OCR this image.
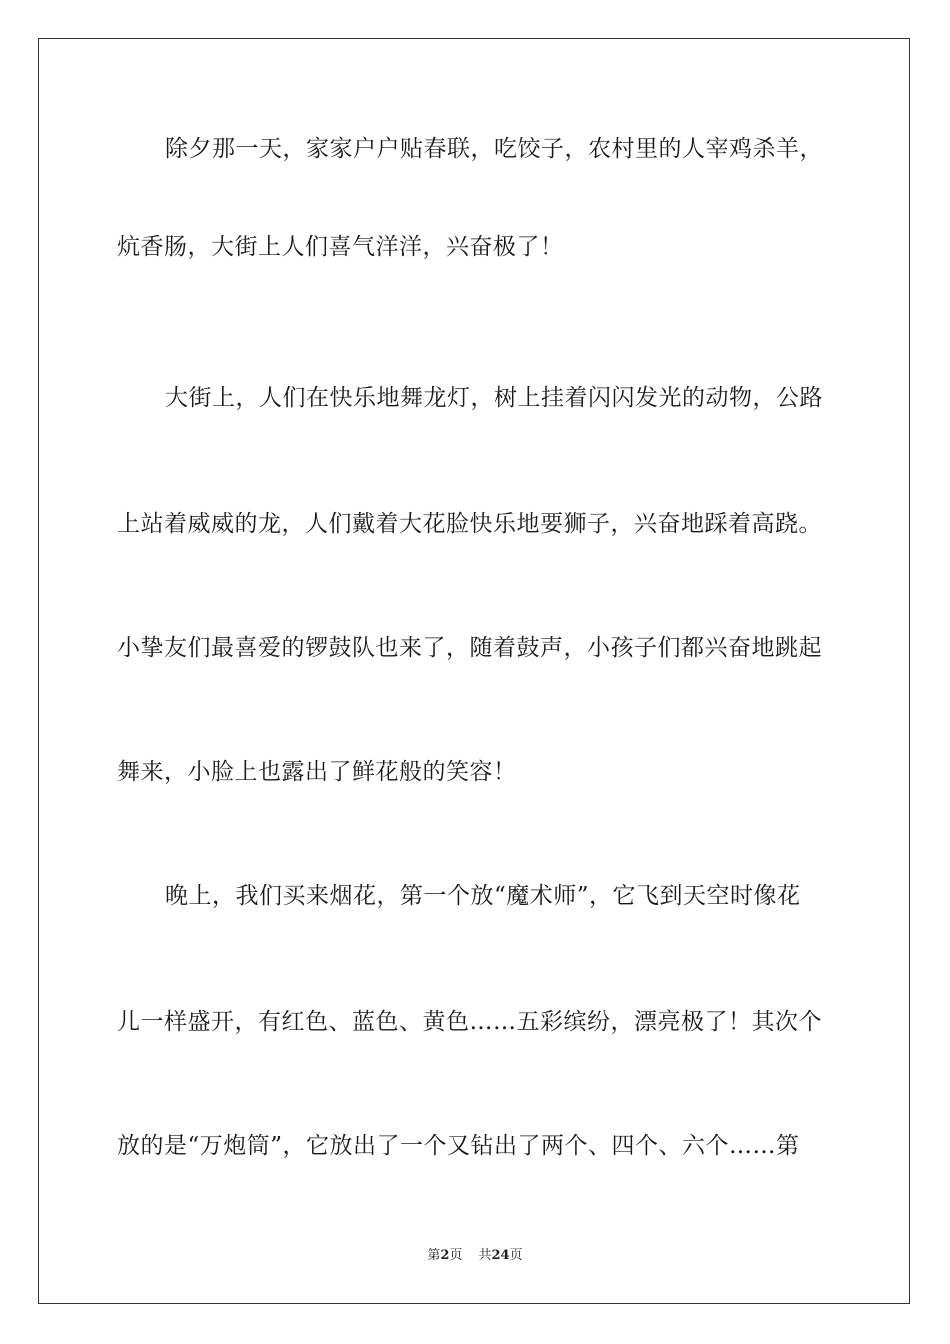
除夕那一天，家家户户贴春联，吃饺子，农村里的人宰鸡杀羊，
炕香肠，大街上人们喜气洋洋，兴奋极了！
大街上，人们在快乐地舞龙灯，树上挂着闪闪发光的动物，公路
上站着威威的龙，人们戴着大花脸快乐地要狮子，兴奋地踩着高跷。
小挚友们最喜爱的锣鼓队也来了，随着鼓声，小孩子们都兴奋地跳起
舞来，小脸上也露出了鲜花般的笑容！
晚上，我们买来烟花，第一个放“魔术师”，它飞到天空时像花
儿一样盛开，有红色、蓝色、黄色……五彩缤纷，漂亮极了！其次个
放的是“万炮筒”，它放出了一个又钻出了两个、四个、六个……第
第2页 共24页
